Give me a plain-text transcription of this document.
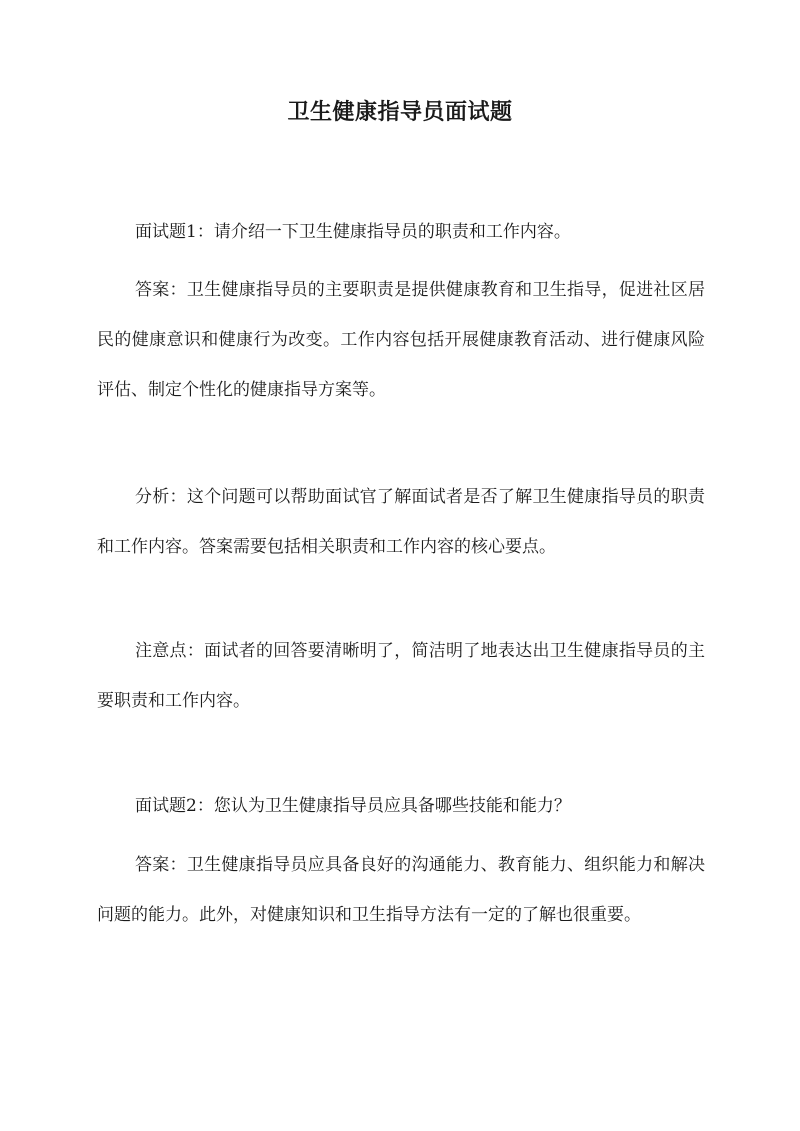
卫生健康指导员面试题

面试题1：请介绍一下卫生健康指导员的职责和工作内容。

答案：卫生健康指导员的主要职责是提供健康教育和卫生指导，促进社区居民的健康意识和健康行为改变。工作内容包括开展健康教育活动、进行健康风险评估、制定个性化的健康指导方案等。

分析：这个问题可以帮助面试官了解面试者是否了解卫生健康指导员的职责和工作内容。答案需要包括相关职责和工作内容的核心要点。

注意点：面试者的回答要清晰明了，简洁明了地表达出卫生健康指导员的主要职责和工作内容。

面试题2：您认为卫生健康指导员应具备哪些技能和能力？

答案：卫生健康指导员应具备良好的沟通能力、教育能力、组织能力和解决问题的能力。此外，对健康知识和卫生指导方法有一定的了解也很重要。
